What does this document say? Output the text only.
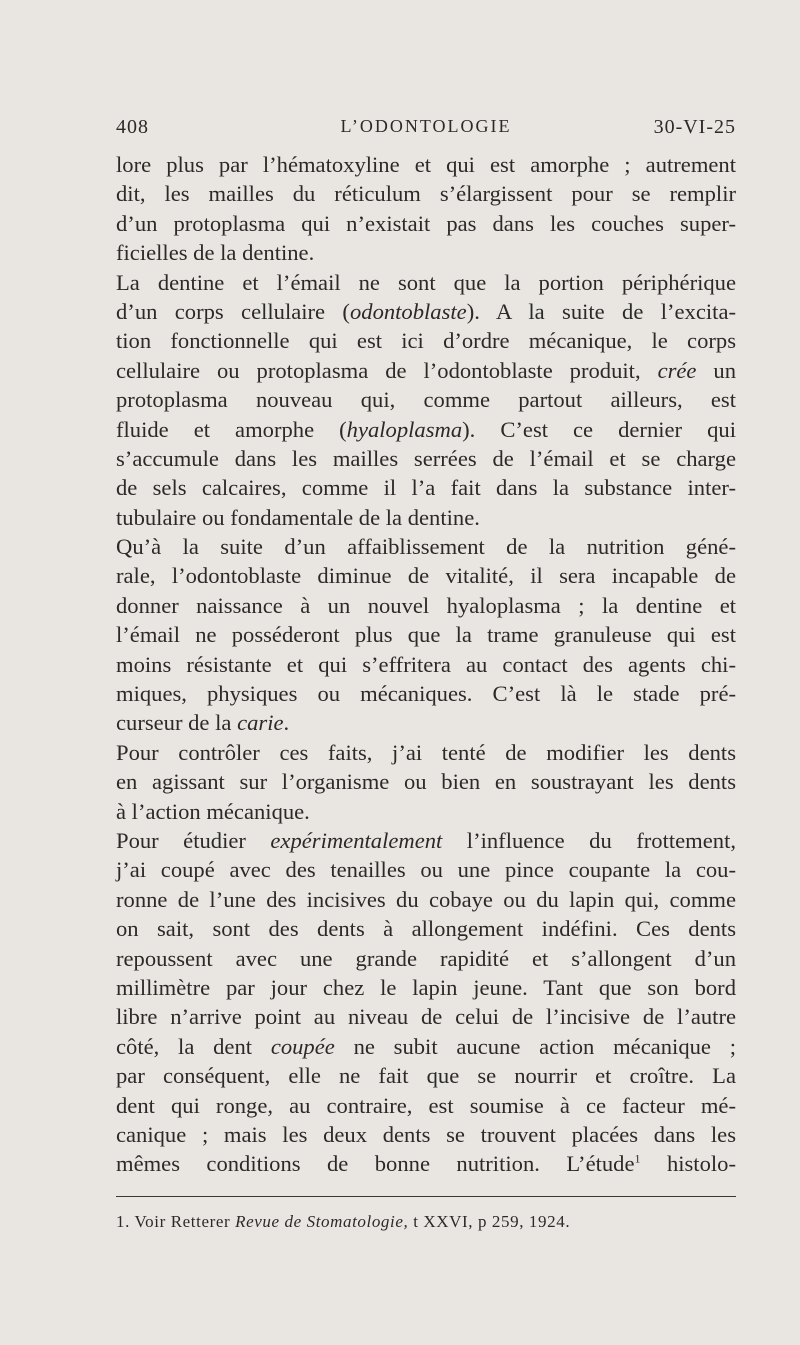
408	L’ODONTOLOGIE	30-VI-25
lore plus par l’hématoxyline et qui est amorphe ; autrement
dit, les mailles du réticulum s’élargissent pour se remplir
d’un protoplasma qui n’existait pas dans les couches super-
ficielles de la dentine.
La dentine et l’émail ne sont que la portion périphérique
d’un corps cellulaire (odontoblaste). A la suite de l’excita-
tion fonctionnelle qui est ici d’ordre mécanique, le corps
cellulaire ou protoplasma de l’odontoblaste produit, crée un
protoplasma nouveau qui, comme partout ailleurs, est
fluide et amorphe (hyaloplasma). C’est ce dernier qui
s’accumule dans les mailles serrées de l’émail et se charge
de sels calcaires, comme il l’a fait dans la substance inter-
tubulaire ou fondamentale de la dentine.
Qu’à la suite d’un affaiblissement de la nutrition géné-
rale, l’odontoblaste diminue de vitalité, il sera incapable de
donner naissance à un nouvel hyaloplasma ; la dentine et
l’émail ne posséderont plus que la trame granuleuse qui est
moins résistante et qui s’effritera au contact des agents chi-
miques, physiques ou mécaniques. C’est là le stade pré-
curseur de la carie.
Pour contrôler ces faits, j’ai tenté de modifier les dents
en agissant sur l’organisme ou bien en soustrayant les dents
à l’action mécanique.
Pour étudier expérimentalement l’influence du frottement,
j’ai coupé avec des tenailles ou une pince coupante la cou-
ronne de l’une des incisives du cobaye ou du lapin qui, comme
on sait, sont des dents à allongement indéfini. Ces dents
repoussent avec une grande rapidité et s’allongent d’un
millimètre par jour chez le lapin jeune. Tant que son bord
libre n’arrive point au niveau de celui de l’incisive de l’autre
côté, la dent coupée ne subit aucune action mécanique ;
par conséquent, elle ne fait que se nourrir et croître. La
dent qui ronge, au contraire, est soumise à ce facteur mé-
canique ; mais les deux dents se trouvent placées dans les
mêmes conditions de bonne nutrition. L’étude$^1$ histolo-
1. Voir Retterer Revue de Stomatologie, t XXVI, p 259, 1924.
